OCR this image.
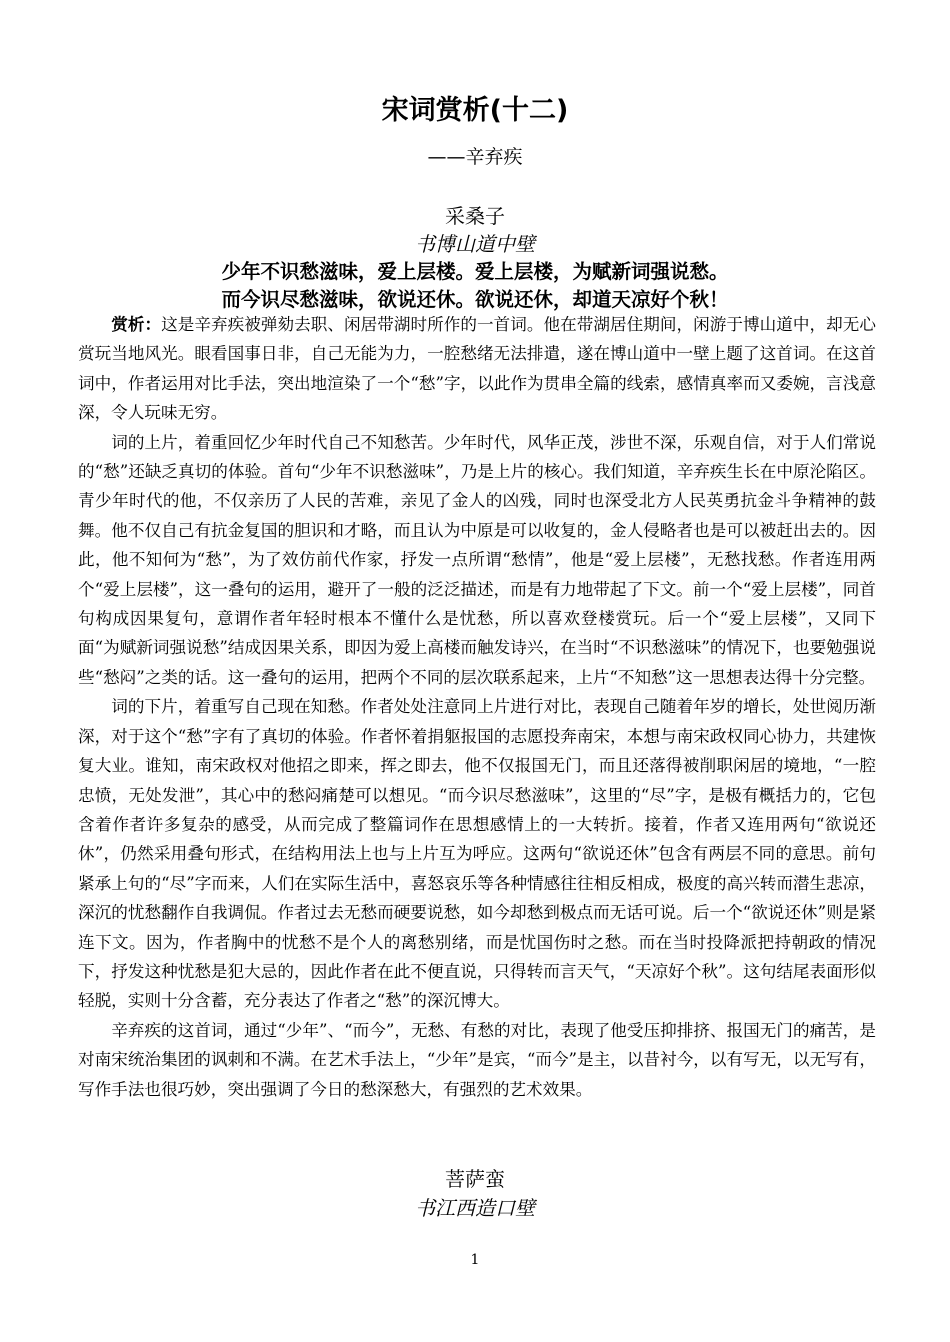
宋词赏析(十二)
——辛弃疾
采桑子
书博山道中壁
少年不识愁滋味，爱上层楼。爱上层楼，为赋新词强说愁。
而今识尽愁滋味，欲说还休。欲说还休，却道天凉好个秋！

赏析：这是辛弃疾被弹劾去职、闲居带湖时所作的一首词。他在带湖居住期间，闲游于博山道中，却无心赏玩当地风光。眼看国事日非，自己无能为力，一腔愁绪无法排遣，遂在博山道中一壁上题了这首词。在这首词中，作者运用对比手法，突出地渲染了一个“愁”字，以此作为贯串全篇的线索，感情真率而又委婉，言浅意深，令人玩味无穷。

词的上片，着重回忆少年时代自己不知愁苦。少年时代，风华正茂，涉世不深，乐观自信，对于人们常说的“愁”还缺乏真切的体验。首句“少年不识愁滋味”，乃是上片的核心。我们知道，辛弃疾生长在中原沦陷区。青少年时代的他，不仅亲历了人民的苦难，亲见了金人的凶残，同时也深受北方人民英勇抗金斗争精神的鼓舞。他不仅自己有抗金复国的胆识和才略，而且认为中原是可以收复的，金人侵略者也是可以被赶出去的。因此，他不知何为“愁”，为了效仿前代作家，抒发一点所谓“愁情”，他是“爱上层楼”，无愁找愁。作者连用两个“爱上层楼”，这一叠句的运用，避开了一般的泛泛描述，而是有力地带起了下文。前一个“爱上层楼”，同首句构成因果复句，意谓作者年轻时根本不懂什么是忧愁，所以喜欢登楼赏玩。后一个“爱上层楼”，又同下面“为赋新词强说愁”结成因果关系，即因为爱上高楼而触发诗兴，在当时“不识愁滋味”的情况下，也要勉强说些“愁闷”之类的话。这一叠句的运用，把两个不同的层次联系起来，上片“不知愁”这一思想表达得十分完整。

词的下片，着重写自己现在知愁。作者处处注意同上片进行对比，表现自己随着年岁的增长，处世阅历渐深，对于这个“愁”字有了真切的体验。作者怀着捐躯报国的志愿投奔南宋，本想与南宋政权同心协力，共建恢复大业。谁知，南宋政权对他招之即来，挥之即去，他不仅报国无门，而且还落得被削职闲居的境地，“一腔忠愤，无处发泄”，其心中的愁闷痛楚可以想见。“而今识尽愁滋味”，这里的“尽”字，是极有概括力的，它包含着作者许多复杂的感受，从而完成了整篇词作在思想感情上的一大转折。接着，作者又连用两句“欲说还休”，仍然采用叠句形式，在结构用法上也与上片互为呼应。这两句“欲说还休”包含有两层不同的意思。前句紧承上句的“尽”字而来，人们在实际生活中，喜怒哀乐等各种情感往往相反相成，极度的高兴转而潜生悲凉，深沉的忧愁翻作自我调侃。作者过去无愁而硬要说愁，如今却愁到极点而无话可说。后一个“欲说还休”则是紧连下文。因为，作者胸中的忧愁不是个人的离愁别绪，而是忧国伤时之愁。而在当时投降派把持朝政的情况下，抒发这种忧愁是犯大忌的，因此作者在此不便直说，只得转而言天气，“天凉好个秋”。这句结尾表面形似轻脱，实则十分含蓄，充分表达了作者之“愁”的深沉博大。

辛弃疾的这首词，通过“少年”、“而今”，无愁、有愁的对比，表现了他受压抑排挤、报国无门的痛苦，是对南宋统治集团的讽刺和不满。在艺术手法上，“少年”是宾，“而今”是主，以昔衬今，以有写无，以无写有，写作手法也很巧妙，突出强调了今日的愁深愁大，有强烈的艺术效果。

菩萨蛮
书江西造口壁
1
